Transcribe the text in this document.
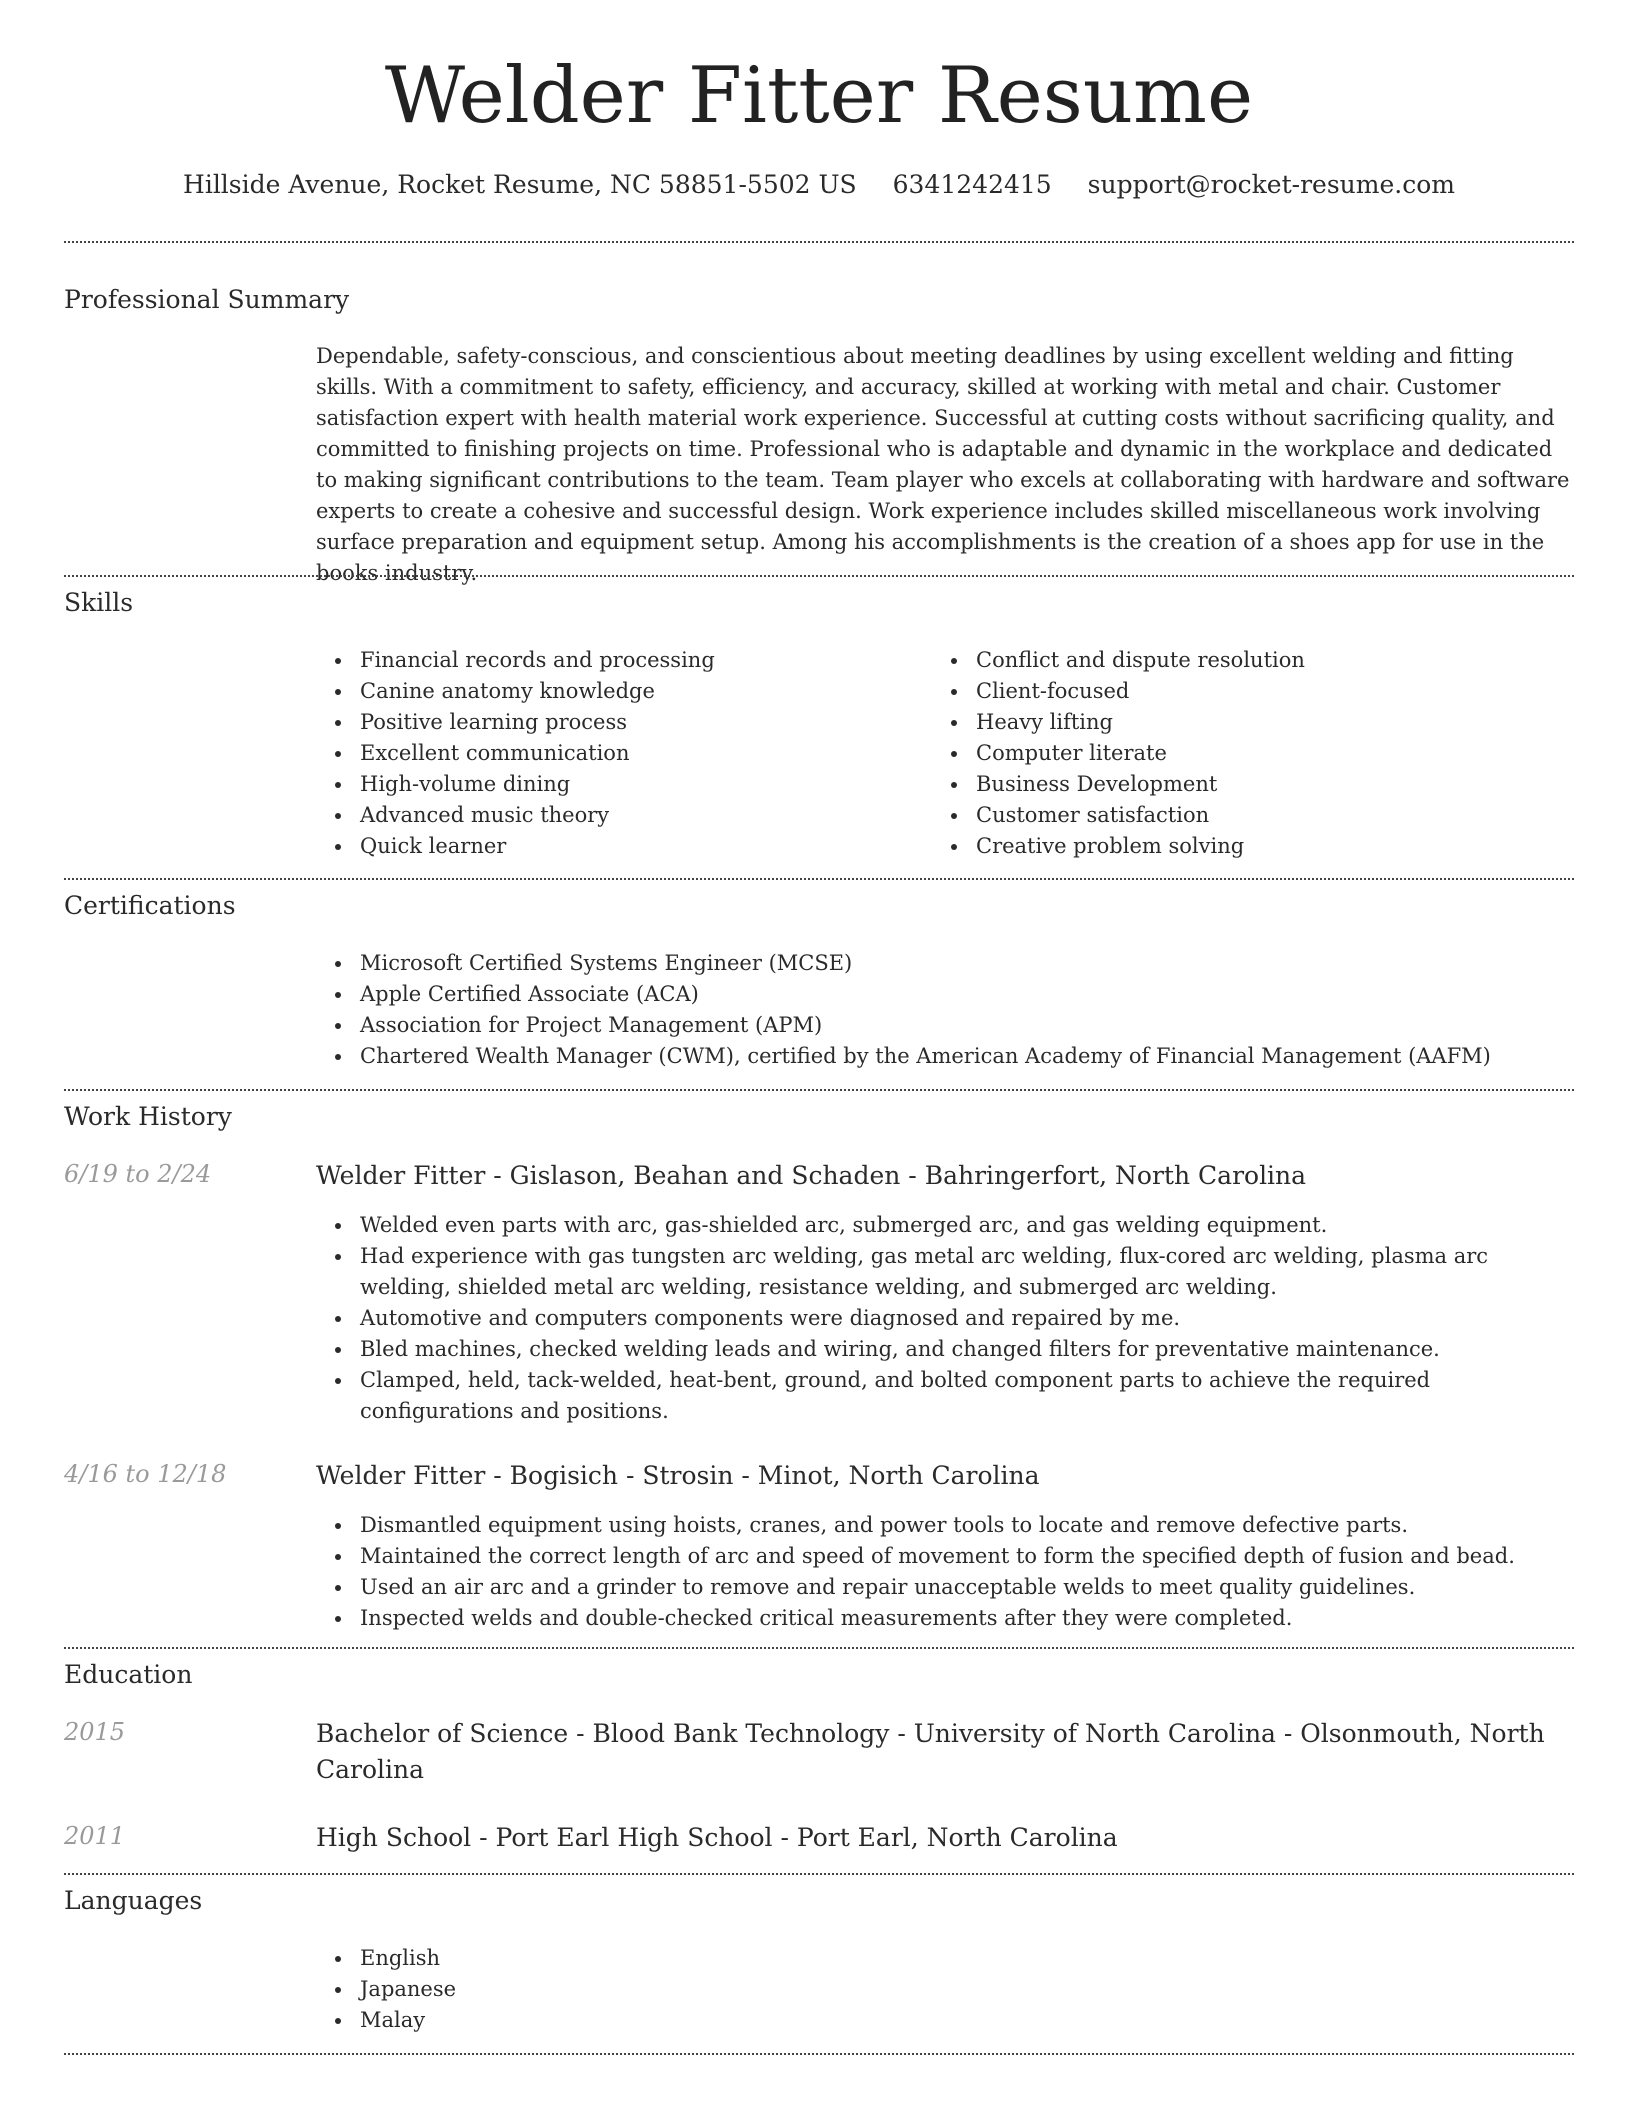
Welder Fitter Resume
Hillside Avenue, Rocket Resume, NC 58851-5502 US 6341242415 support@rocket-resume.com
Professional Summary
Dependable, safety-conscious, and conscientious about meeting deadlines by using excellent welding and fitting skills. With a commitment to safety, efficiency, and accuracy, skilled at working with metal and chair. Customer satisfaction expert with health material work experience. Successful at cutting costs without sacrificing quality, and committed to finishing projects on time. Professional who is adaptable and dynamic in the workplace and dedicated to making significant contributions to the team. Team player who excels at collaborating with hardware and software experts to create a cohesive and successful design. Work experience includes skilled miscellaneous work involving surface preparation and equipment setup. Among his accomplishments is the creation of a shoes app for use in the books industry.
Skills
Financial records and processing
Canine anatomy knowledge
Positive learning process
Excellent communication
High-volume dining
Advanced music theory
Quick learner
Conflict and dispute resolution
Client-focused
Heavy lifting
Computer literate
Business Development
Customer satisfaction
Creative problem solving
Certifications
Microsoft Certified Systems Engineer (MCSE)
Apple Certified Associate (ACA)
Association for Project Management (APM)
Chartered Wealth Manager (CWM), certified by the American Academy of Financial Management (AAFM)
Work History
6/19 to 2/24	Welder Fitter - Gislason, Beahan and Schaden - Bahringerfort, North Carolina
Welded even parts with arc, gas-shielded arc, submerged arc, and gas welding equipment.
Had experience with gas tungsten arc welding, gas metal arc welding, flux-cored arc welding, plasma arc welding, shielded metal arc welding, resistance welding, and submerged arc welding.
Automotive and computers components were diagnosed and repaired by me.
Bled machines, checked welding leads and wiring, and changed filters for preventative maintenance.
Clamped, held, tack-welded, heat-bent, ground, and bolted component parts to achieve the required configurations and positions.
4/16 to 12/18	Welder Fitter - Bogisich - Strosin - Minot, North Carolina
Dismantled equipment using hoists, cranes, and power tools to locate and remove defective parts.
Maintained the correct length of arc and speed of movement to form the specified depth of fusion and bead.
Used an air arc and a grinder to remove and repair unacceptable welds to meet quality guidelines.
Inspected welds and double-checked critical measurements after they were completed.
Education
2015	Bachelor of Science - Blood Bank Technology - University of North Carolina - Olsonmouth, North Carolina
2011	High School - Port Earl High School - Port Earl, North Carolina
Languages
English
Japanese
Malay
